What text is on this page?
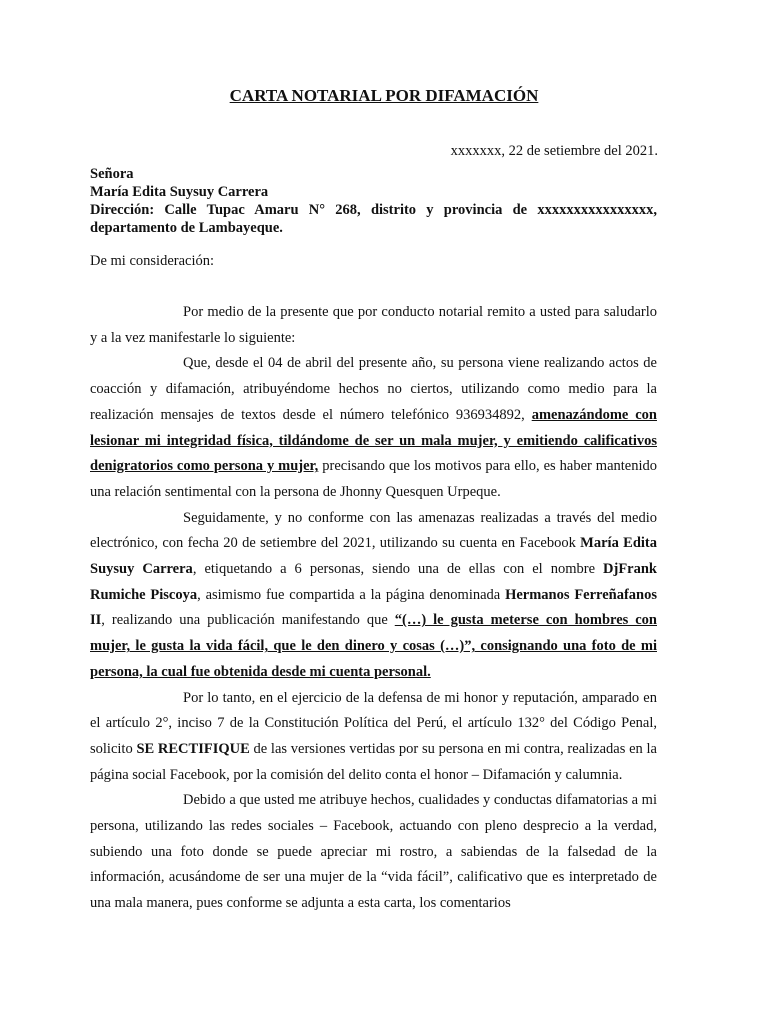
CARTA NOTARIAL POR DIFAMACIÓN
xxxxxxx, 22 de setiembre del 2021.
Señora
María Edita Suysuy Carrera
Dirección: Calle Tupac Amaru N° 268, distrito y provincia de xxxxxxxxxxxxxxxx, departamento de Lambayeque.
De mi consideración:

Por medio de la presente que por conducto notarial remito a usted para saludarlo y a la vez manifestarle lo siguiente:

Que, desde el 04 de abril del presente año, su persona viene realizando actos de coacción y difamación, atribuyéndome hechos no ciertos, utilizando como medio para la realización mensajes de textos desde el número telefónico 936934892, amenazándome con lesionar mi integridad física, tildándome de ser un mala mujer, y emitiendo calificativos denigratorios como persona y mujer, precisando que los motivos para ello, es haber mantenido una relación sentimental con la persona de Jhonny Quesquen Urpeque.

Seguidamente, y no conforme con las amenazas realizadas a través del medio electrónico, con fecha 20 de setiembre del 2021, utilizando su cuenta en Facebook María Edita Suysuy Carrera, etiquetando a 6 personas, siendo una de ellas con el nombre DjFrank Rumiche Piscoya, asimismo fue compartida a la página denominada Hermanos Ferreñafanos II, realizando una publicación manifestando que “(…) le gusta meterse con hombres con mujer, le gusta la vida fácil, que le den dinero y cosas (…)”, consignando una foto de mi persona, la cual fue obtenida desde mi cuenta personal.

Por lo tanto, en el ejercicio de la defensa de mi honor y reputación, amparado en el artículo 2°, inciso 7 de la Constitución Política del Perú, el artículo 132° del Código Penal, solicito SE RECTIFIQUE de las versiones vertidas por su persona en mi contra, realizadas en la página social Facebook, por la comisión del delito conta el honor – Difamación y calumnia.

Debido a que usted me atribuye hechos, cualidades y conductas difamatorias a mi persona, utilizando las redes sociales – Facebook, actuando con pleno desprecio a la verdad, subiendo una foto donde se puede apreciar mi rostro, a sabiendas de la falsedad de la información, acusándome de ser una mujer de la “vida fácil”, calificativo que es interpretado de una mala manera, pues conforme se adjunta a esta carta, los comentarios
